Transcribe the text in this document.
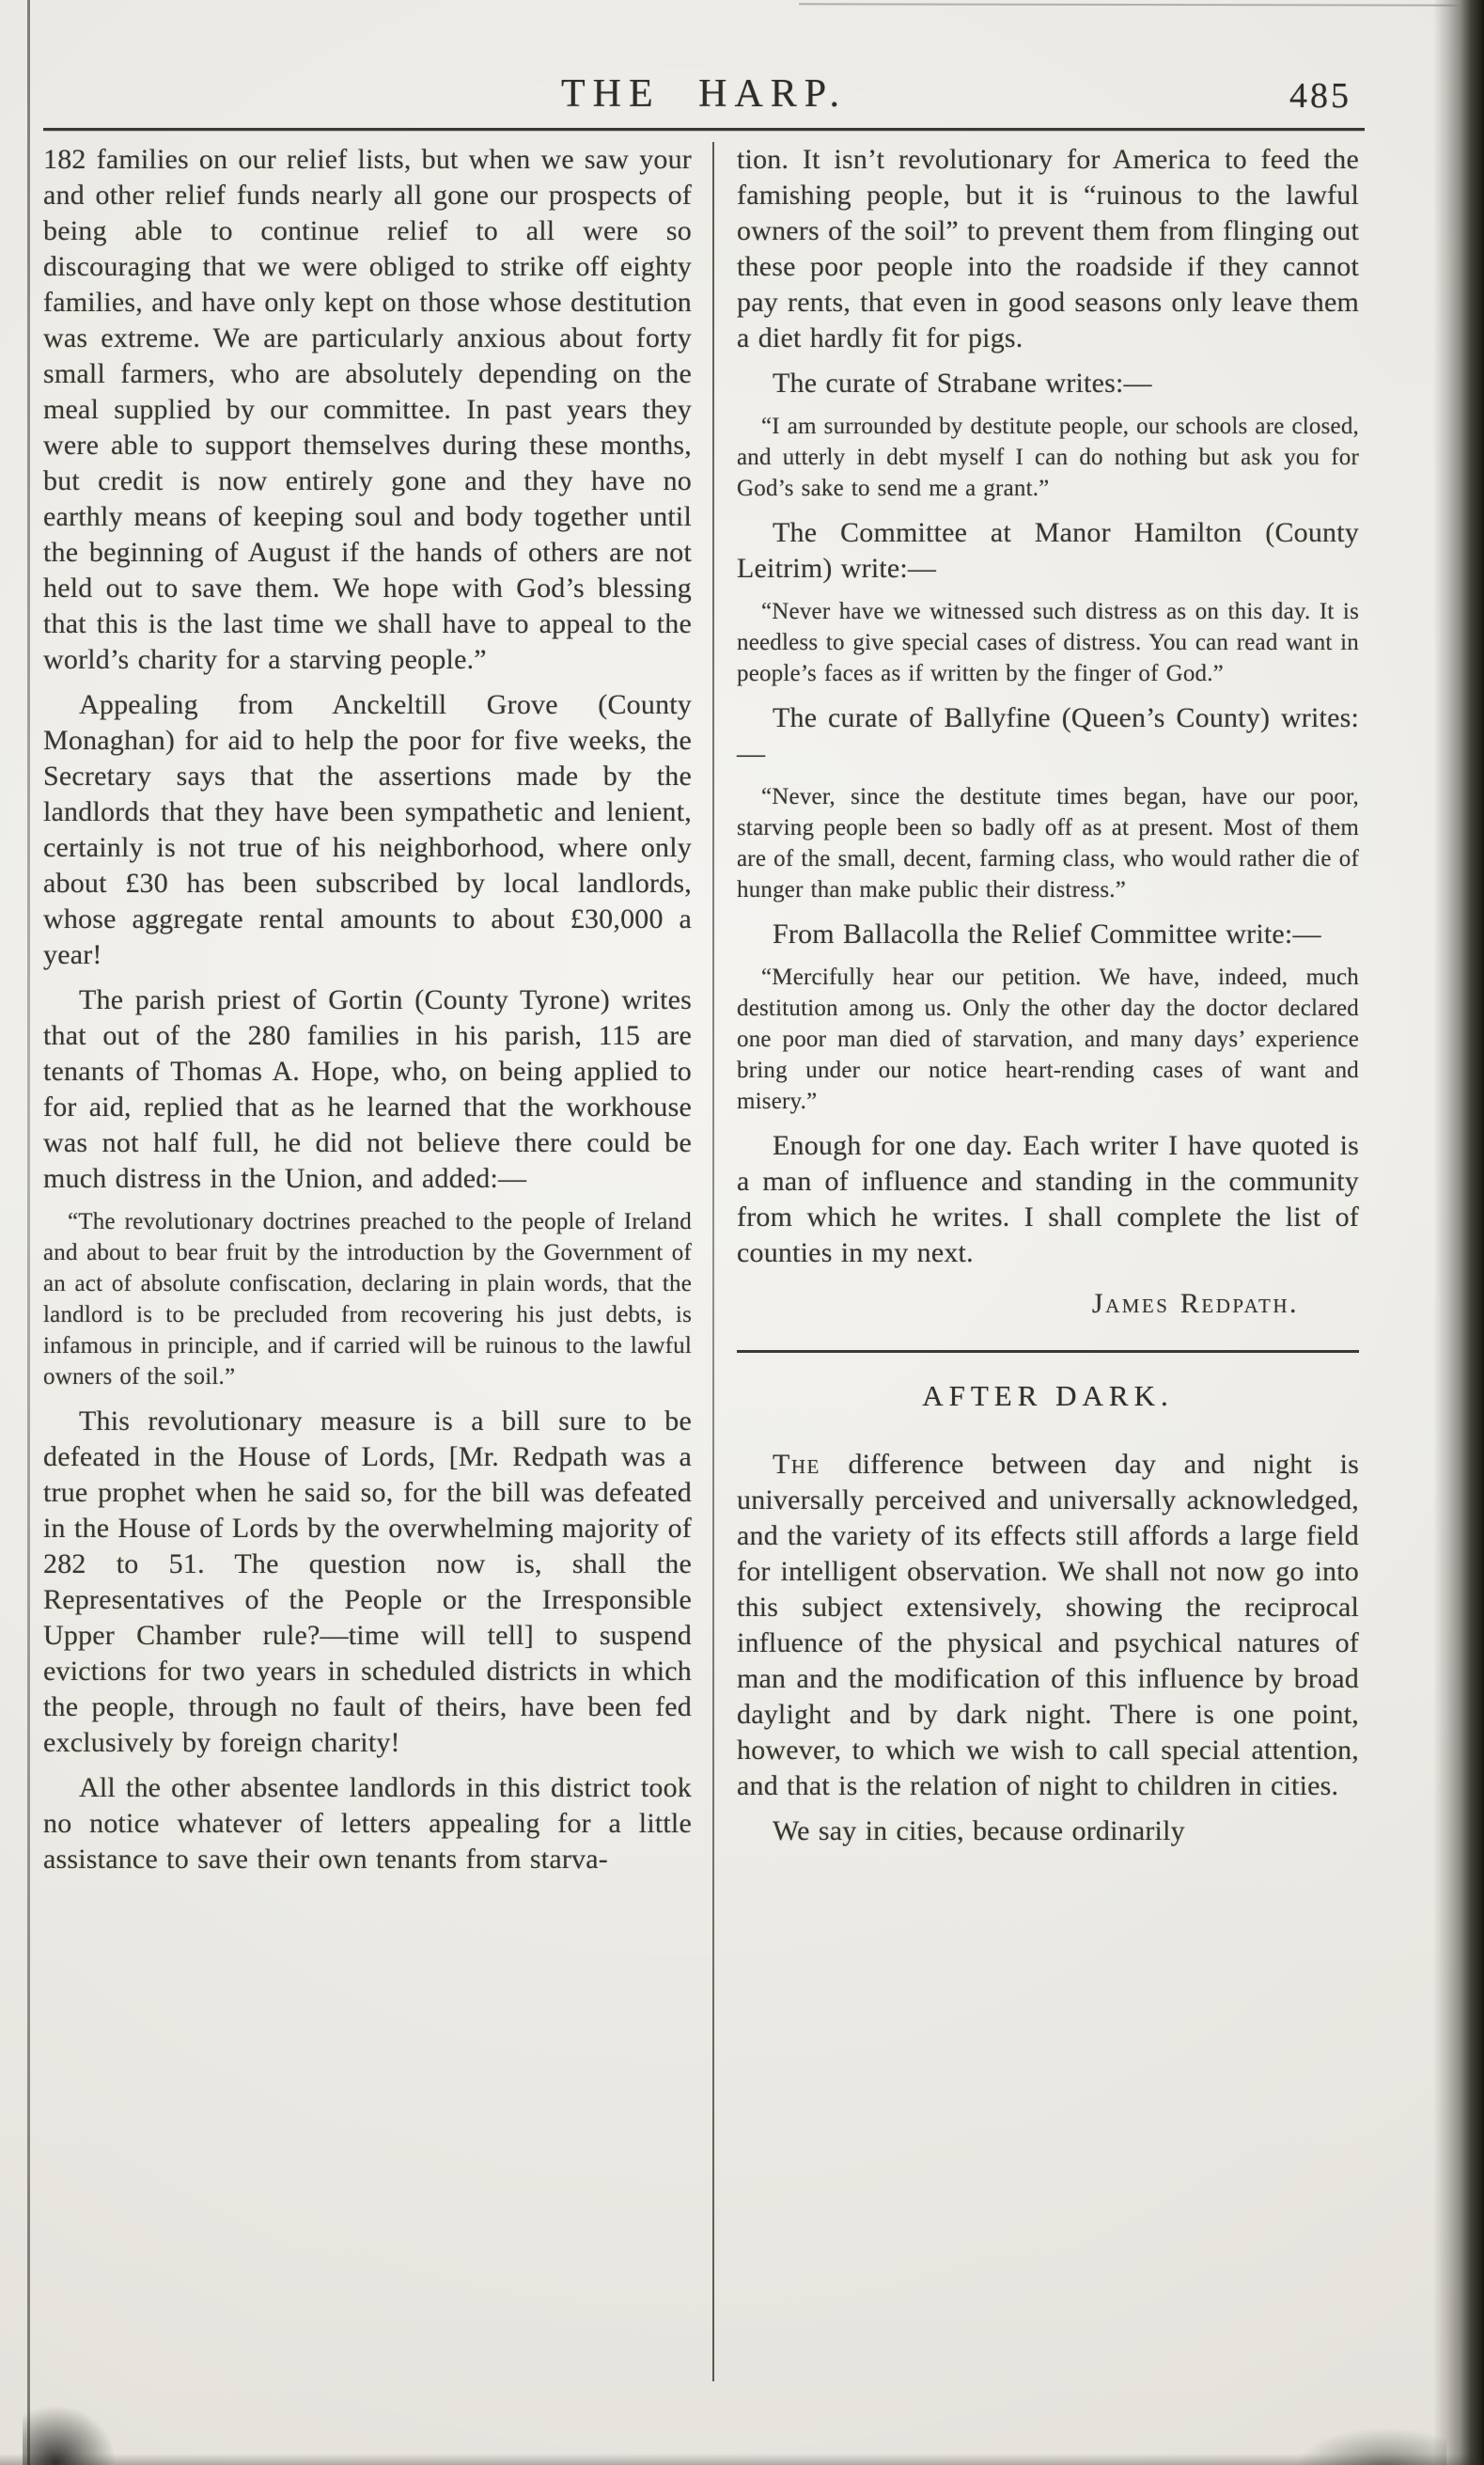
THE HARP.	485

182 families on our relief lists, but when we saw your and other relief funds nearly all gone our prospects of being able to continue relief to all were so discouraging that we were obliged to strike off eighty families, and have only kept on those whose destitution was extreme. We are particularly anxious about forty small farmers, who are absolutely depending on the meal supplied by our committee. In past years they were able to support themselves during these months, but credit is now entirely gone and they have no earthly means of keeping soul and body together until the beginning of August if the hands of others are not held out to save them. We hope with God’s blessing that this is the last time we shall have to appeal to the world’s charity for a starving people.”

Appealing from Anckeltill Grove (County Monaghan) for aid to help the poor for five weeks, the Secretary says that the assertions made by the landlords that they have been sympathetic and lenient, certainly is not true of his neighborhood, where only about £30 has been subscribed by local landlords, whose aggregate rental amounts to about £30,000 a year!

The parish priest of Gortin (County Tyrone) writes that out of the 280 families in his parish, 115 are tenants of Thomas A. Hope, who, on being applied to for aid, replied that as he learned that the workhouse was not half full, he did not believe there could be much distress in the Union, and added:—

“The revolutionary doctrines preached to the people of Ireland and about to bear fruit by the introduction by the Government of an act of absolute confiscation, declaring in plain words, that the landlord is to be precluded from recovering his just debts, is infamous in principle, and if carried will be ruinous to the lawful owners of the soil.”

This revolutionary measure is a bill sure to be defeated in the House of Lords, [Mr. Redpath was a true prophet when he said so, for the bill was defeated in the House of Lords by the overwhelming majority of 282 to 51. The question now is, shall the Representatives of the People or the Irresponsible Upper Chamber rule?—time will tell] to suspend evictions for two years in scheduled districts in which the people, through no fault of theirs, have been fed exclusively by foreign charity!

All the other absentee landlords in this district took no notice whatever of letters appealing for a little assistance to save their own tenants from starva-

tion. It isn’t revolutionary for America to feed the famishing people, but it is “ruinous to the lawful owners of the soil” to prevent them from flinging out these poor people into the roadside if they cannot pay rents, that even in good seasons only leave them a diet hardly fit for pigs.

The curate of Strabane writes:—

“I am surrounded by destitute people, our schools are closed, and utterly in debt myself I can do nothing but ask you for God’s sake to send me a grant.”

The Committee at Manor Hamilton (County Leitrim) write:—

“Never have we witnessed such distress as on this day. It is needless to give special cases of distress. You can read want in people’s faces as if written by the finger of God.”

The curate of Ballyfine (Queen’s County) writes:—

“Never, since the destitute times began, have our poor, starving people been so badly off as at present. Most of them are of the small, decent, farming class, who would rather die of hunger than make public their distress.”

From Ballacolla the Relief Committee write:—

“Mercifully hear our petition. We have, indeed, much destitution among us. Only the other day the doctor declared one poor man died of starvation, and many days’ experience bring under our notice heart-rending cases of want and misery.”

Enough for one day. Each writer I have quoted is a man of influence and standing in the community from which he writes. I shall complete the list of counties in my next.

James Redpath.

AFTER DARK.

The difference between day and night is universally perceived and universally acknowledged, and the variety of its effects still affords a large field for intelligent observation. We shall not now go into this subject extensively, showing the reciprocal influence of the physical and psychical natures of man and the modification of this influence by broad daylight and by dark night. There is one point, however, to which we wish to call special attention, and that is the relation of night to children in cities.

We say in cities, because ordinarily
